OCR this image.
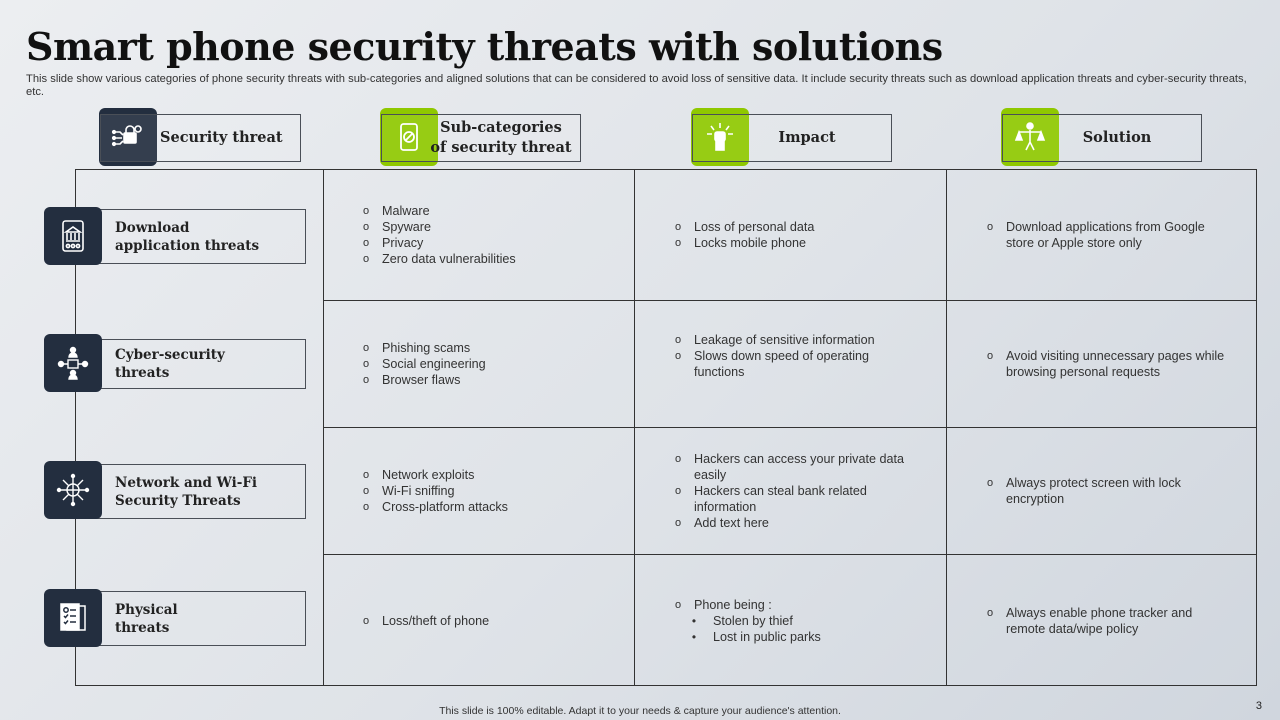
Smart phone security threats with solutions
This slide show various categories of phone security threats with sub-categories and aligned solutions that can be considered to avoid loss of sensitive data. It include security threats such as download application threats and cyber-security threats, etc.
Security threat
Sub-categories
of security threat
Impact	Solution
Download
application threats
Cyber-security
threats
Network and Wi-Fi
Security Threats
Physical
threats
o Malware
o Spyware
o Privacy
o Zero data vulnerabilities
o Loss of personal data
o Locks mobile phone
o Download applications from Google store or Apple store only
o Phishing scams
o Social engineering
o Browser flaws
o Leakage of sensitive information
o Slows down speed of operating functions
o Avoid visiting unnecessary pages while browsing personal requests
o Network exploits
o Wi-Fi sniffing
o Cross-platform attacks
o Hackers can access your private data easily
o Hackers can steal bank related information
o Add text here
o Always protect screen with lock encryption
o Loss/theft of phone
o Phone being :
• Stolen by thief
• Lost in public parks
o Always enable phone tracker and remote data/wipe policy
This slide is 100% editable. Adapt it to your needs & capture your audience's attention.	3
